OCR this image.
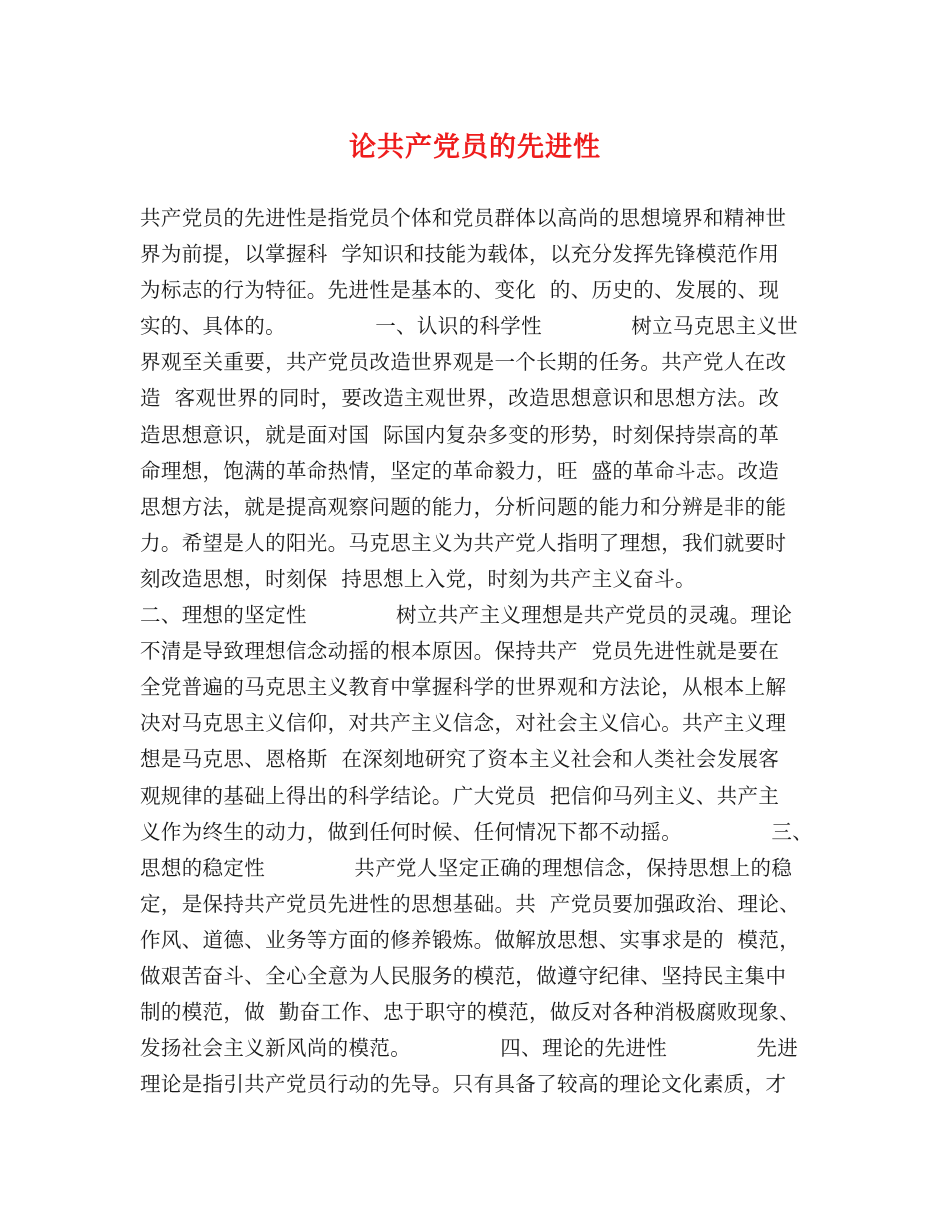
论共产党员的先进性
共产党员的先进性是指党员个体和党员群体以高尚的思想境界和精神世
界为前提，以掌握科  学知识和技能为载体，以充分发挥先锋模范作用
为标志的行为特征。先进性是基本的、变化  的、历史的、发展的、现
实的、具体的。             一、认识的科学性             树立马克思主义世
界观至关重要，共产党员改造世界观是一个长期的任务。共产党人在改
造  客观世界的同时，要改造主观世界，改造思想意识和思想方法。改
造思想意识，就是面对国  际国内复杂多变的形势，时刻保持崇高的革
命理想，饱满的革命热情，坚定的革命毅力，旺  盛的革命斗志。改造
思想方法，就是提高观察问题的能力，分析问题的能力和分辨是非的能
力。希望是人的阳光。马克思主义为共产党人指明了理想，我们就要时
刻改造思想，时刻保  持思想上入党，时刻为共产主义奋斗。
二、理想的坚定性             树立共产主义理想是共产党员的灵魂。理论
不清是导致理想信念动摇的根本原因。保持共产  党员先进性就是要在
全党普遍的马克思主义教育中掌握科学的世界观和方法论，从根本上解
决对马克思主义信仰，对共产主义信念，对社会主义信心。共产主义理
想是马克思、恩格斯  在深刻地研究了资本主义社会和人类社会发展客
观规律的基础上得出的科学结论。广大党员  把信仰马列主义、共产主
义作为终生的动力，做到任何时候、任何情况下都不动摇。             三、
思想的稳定性             共产党人坚定正确的理想信念，保持思想上的稳
定，是保持共产党员先进性的思想基础。共  产党员要加强政治、理论、
作风、道德、业务等方面的修养锻炼。做解放思想、实事求是的  模范，
做艰苦奋斗、全心全意为人民服务的模范，做遵守纪律、坚持民主集中
制的模范，做  勤奋工作、忠于职守的模范，做反对各种消极腐败现象、
发扬社会主义新风尚的模范。             四、理论的先进性             先进
理论是指引共产党员行动的先导。只有具备了较高的理论文化素质，才
